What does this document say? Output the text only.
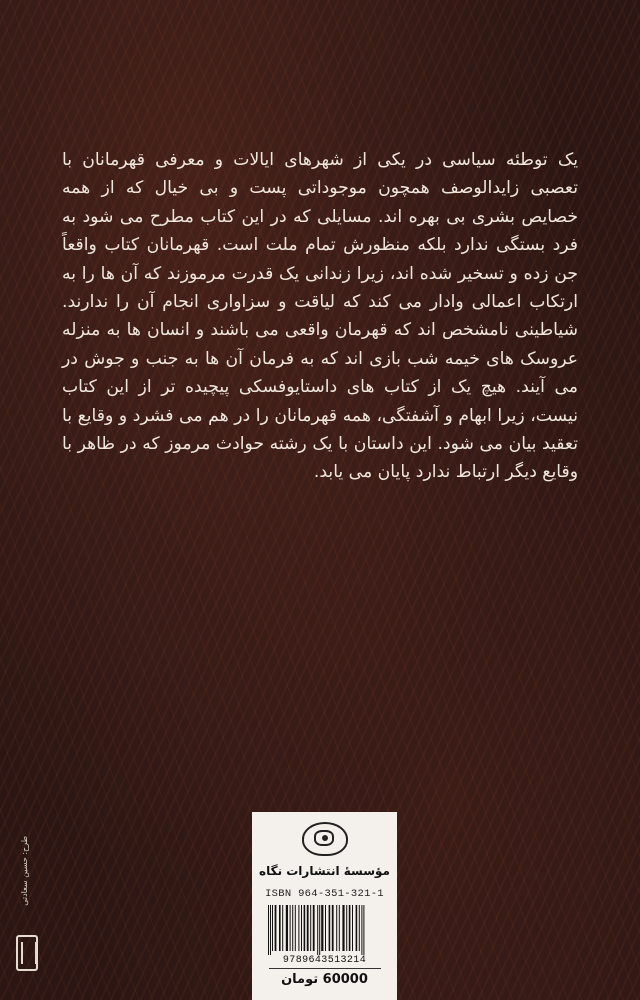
یک توطئه سیاسی در یکی از شهرهای ایالات و معرفی قهرمانان با تعصبی زایدالوصف همچون موجوداتی پست و بی خیال که از همه خصایص بشری بی بهره اند. مسایلی که در این کتاب مطرح می شود به فرد بستگی ندارد بلکه منظورش تمام ملت است. قهرمانان کتاب واقعاً جن زده و تسخیر شده اند، زیرا زندانی یک قدرت مرموزند که آن ها را به ارتکاب اعمالی وادار می کند که لیاقت و سزاواری انجام آن را ندارند. شیاطینی نامشخص اند که قهرمان واقعی می باشند و انسان ها به منزله عروسک های خیمه شب بازی اند که به فرمان آن ها به جنب و جوش در می آیند. هیچ یک از کتاب های داستایوفسکی پیچیده تر از این کتاب نیست، زیرا ابهام و آشفتگی، همه قهرمانان را در هم می فشرد و وقایع با تعقید بیان می شود. این داستان با یک رشته حوادث مرموز که در ظاهر با وقایع دیگر ارتباط ندارد پایان می یابد.
طرح: حسین سعادتی	مؤسسهٔ انتشارات نگاه
ISBN 964-351-321-1
9789643513214
60000 تومان
